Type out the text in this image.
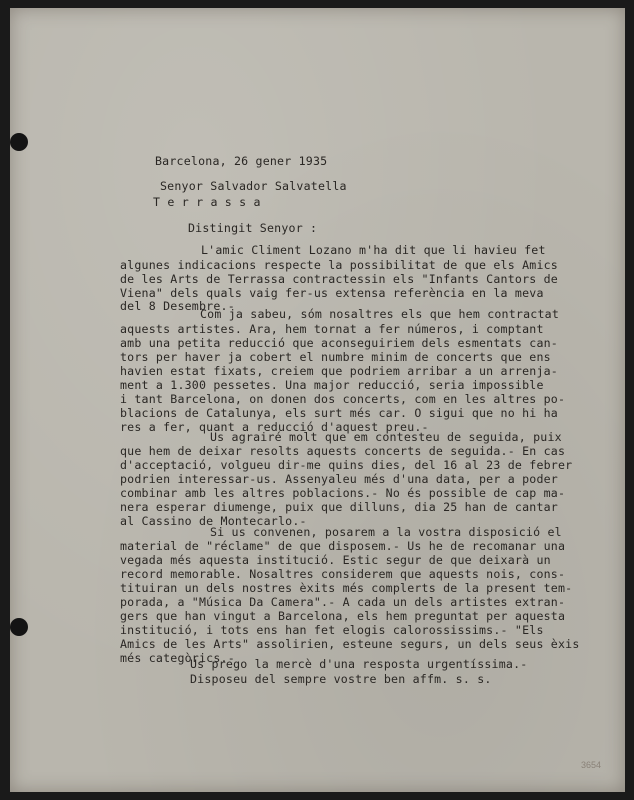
Barcelona, 26 gener 1935
Senyor Salvador Salvatella
T e r r a s s a
Distingit Senyor :
L'amic Climent Lozano m'ha dit que li havieu fet
algunes indicacions respecte la possibilitat de que els Amics
de les Arts de Terrassa contractessin els "Infants Cantors de
Viena" dels quals vaig fer-us extensa referència en la meva
del 8 Desembre.-
Com ja sabeu, sóm nosaltres els que hem contractat
aquests artistes. Ara, hem tornat a fer números, i comptant
amb una petita reducció que aconseguiriem dels esmentats can-
tors per haver ja cobert el numbre minim de concerts que ens
havien estat fixats, creiem que podriem arribar a un arrenja-
ment a 1.300 pessetes. Una major reducció, seria impossible
i tant Barcelona, on donen dos concerts, com en les altres po-
blacions de Catalunya, els surt més car. O sigui que no hi ha
res a fer, quant a reducció d'aquest preu.-
Us agrairé molt que em contesteu de seguida, puix
que hem de deixar resolts aquests concerts de seguida.- En cas
d'acceptació, volgueu dir-me quins dies, del 16 al 23 de febrer
podrien interessar-us. Assenyaleu més d'una data, per a poder
combinar amb les altres poblacions.- No és possible de cap ma-
nera esperar diumenge, puix que dilluns, dia 25 han de cantar
al Cassino de Montecarlo.-
Si us convenen, posarem a la vostra disposició el
material de "réclame" de que disposem.- Us he de recomanar una
vegada més aquesta institució. Estic segur de que deixarà un
record memorable. Nosaltres considerem que aquests nois, cons-
tituiran un dels nostres èxits més complerts de la present tem-
porada, a "Música Da Camera".- A cada un dels artistes extran-
gers que han vingut a Barcelona, els hem preguntat per aquesta
institució, i tots ens han fet elogis calorossissims.- "Els
Amics de les Arts" assolirien, esteune segurs, un dels seus èxis
més categòrics.-
Us prego la mercè d'una resposta urgentíssima.-
Disposeu del sempre vostre ben affm. s. s.
3654
